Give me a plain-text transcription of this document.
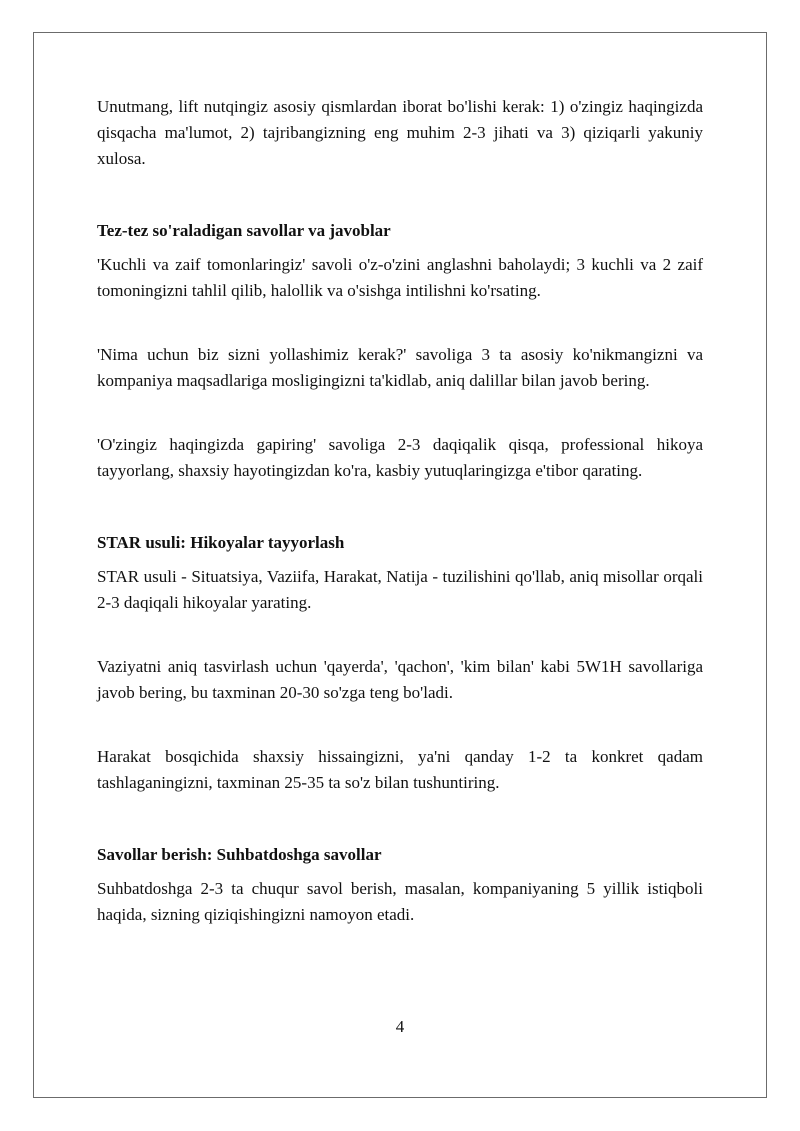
Unutmang, lift nutqingiz asosiy qismlardan iborat bo'lishi kerak: 1) o'zingiz haqingizda qisqacha ma'lumot, 2) tajribangizning eng muhim 2-3 jihati va 3) qiziqarli yakuniy xulosa.

Tez-tez so'raladigan savollar va javoblar

'Kuchli va zaif tomonlaringiz' savoli o'z-o'zini anglashni baholaydi; 3 kuchli va 2 zaif tomoningizni tahlil qilib, halollik va o'sishga intilishni ko'rsating.

'Nima uchun biz sizni yollashimiz kerak?' savoliga 3 ta asosiy ko'nikmangizni va kompaniya maqsadlariga mosligingizni ta'kidlab, aniq dalillar bilan javob bering.

'O'zingiz haqingizda gapiring' savoliga 2-3 daqiqalik qisqa, professional hikoya tayyorlang, shaxsiy hayotingizdan ko'ra, kasbiy yutuqlaringizga e'tibor qarating.

STAR usuli: Hikoyalar tayyorlash

STAR usuli - Situatsiya, Vaziifa, Harakat, Natija - tuzilishini qo'llab, aniq misollar orqali 2-3 daqiqali hikoyalar yarating.

Vaziyatni aniq tasvirlash uchun 'qayerda', 'qachon', 'kim bilan' kabi 5W1H savollariga javob bering, bu taxminan 20-30 so'zga teng bo'ladi.

Harakat bosqichida shaxsiy hissaingizni, ya'ni qanday 1-2 ta konkret qadam tashlaganingizni, taxminan 25-35 ta so'z bilan tushuntiring.

Savollar berish: Suhbatdoshga savollar

Suhbatdoshga 2-3 ta chuqur savol berish, masalan, kompaniyaning 5 yillik istiqboli haqida, sizning qiziqishingizni namoyon etadi.

4
